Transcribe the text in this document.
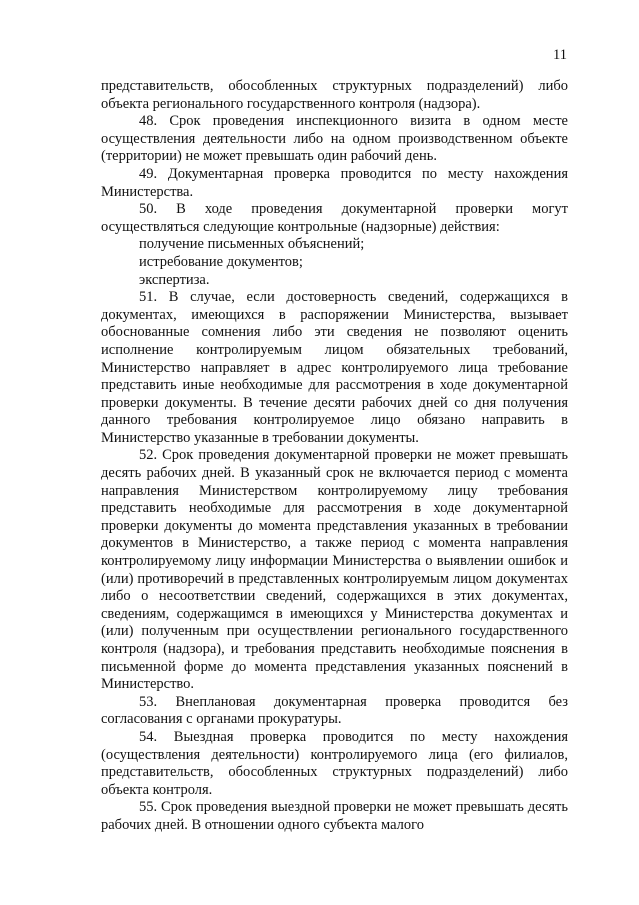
11

представительств, обособленных структурных подразделений) либо объекта регионального государственного контроля (надзора).

48. Срок проведения инспекционного визита в одном месте осуществления деятельности либо на одном производственном объекте (территории) не может превышать один рабочий день.

49. Документарная проверка проводится по месту нахождения Министерства.

50. В ходе проведения документарной проверки могут осуществляться следующие контрольные (надзорные) действия:

получение письменных объяснений;

истребование документов;

экспертиза.

51. В случае, если достоверность сведений, содержащихся в документах, имеющихся в распоряжении Министерства, вызывает обоснованные сомнения либо эти сведения не позволяют оценить исполнение контролируемым лицом обязательных требований, Министерство направляет в адрес контролируемого лица требование представить иные необходимые для рассмотрения в ходе документарной проверки документы. В течение десяти рабочих дней со дня получения данного требования контролируемое лицо обязано направить в Министерство указанные в требовании документы.

52. Срок проведения документарной проверки не может превышать десять рабочих дней. В указанный срок не включается период с момента направления Министерством контролируемому лицу требования представить необходимые для рассмотрения в ходе документарной проверки документы до момента представления указанных в требовании документов в Министерство, а также период с момента направления контролируемому лицу информации Министерства о выявлении ошибок и (или) противоречий в представленных контролируемым лицом документах либо о несоответствии сведений, содержащихся в этих документах, сведениям, содержащимся в имеющихся у Министерства документах и (или) полученным при осуществлении регионального государственного контроля (надзора), и требования представить необходимые пояснения в письменной форме до момента представления указанных пояснений в Министерство.

53. Внеплановая документарная проверка проводится без согласования с органами прокуратуры.

54. Выездная проверка проводится по месту нахождения (осуществления деятельности) контролируемого лица (его филиалов, представительств, обособленных структурных подразделений) либо объекта контроля.

55. Срок проведения выездной проверки не может превышать десять рабочих дней. В отношении одного субъекта малого
